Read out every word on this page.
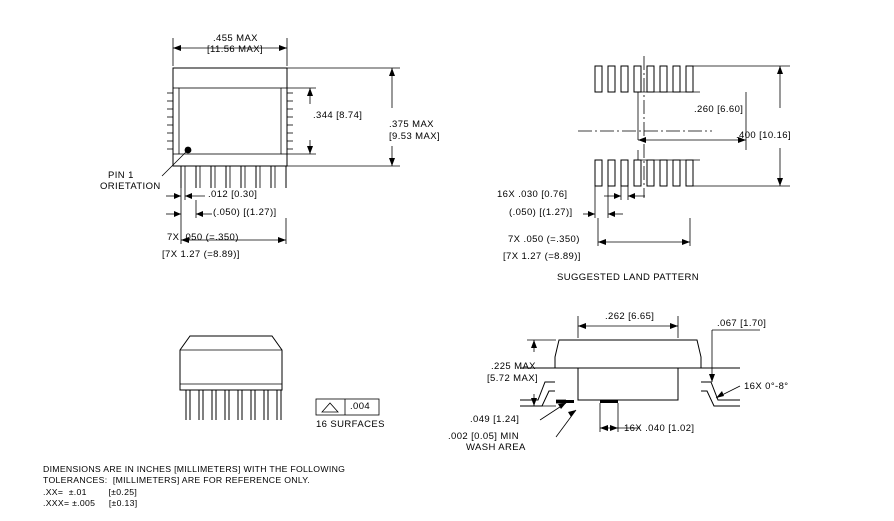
.455 MAX
[11.56 MAX]
.344 [8.74]
.375 MAX
[9.53 MAX]
PIN 1
ORIETATION
.012 [0.30]
(.050) [(1.27)]
7X .050 (=.350)
[7X 1.27 (=8.89)]
.260 [6.60]
.400 [10.16]
16X .030 [0.76]
(.050) [(1.27)]
7X .050 (=.350)
[7X 1.27 (=8.89)]
SUGGESTED LAND PATTERN
.004
16 SURFACES
.262 [6.65]
.067 [1.70]
.225 MAX
[5.72 MAX]
16X 0°-8°
.049 [1.24]
.002 [0.05] MIN
WASH AREA
16X .040 [1.02]
DIMENSIONS ARE IN INCHES [MILLIMETERS] WITH THE FOLLOWING
TOLERANCES:  [MILLIMETERS] ARE FOR REFERENCE ONLY.
.XX=  ±.01        [±0.25]
.XXX= ±.005     [±0.13]
